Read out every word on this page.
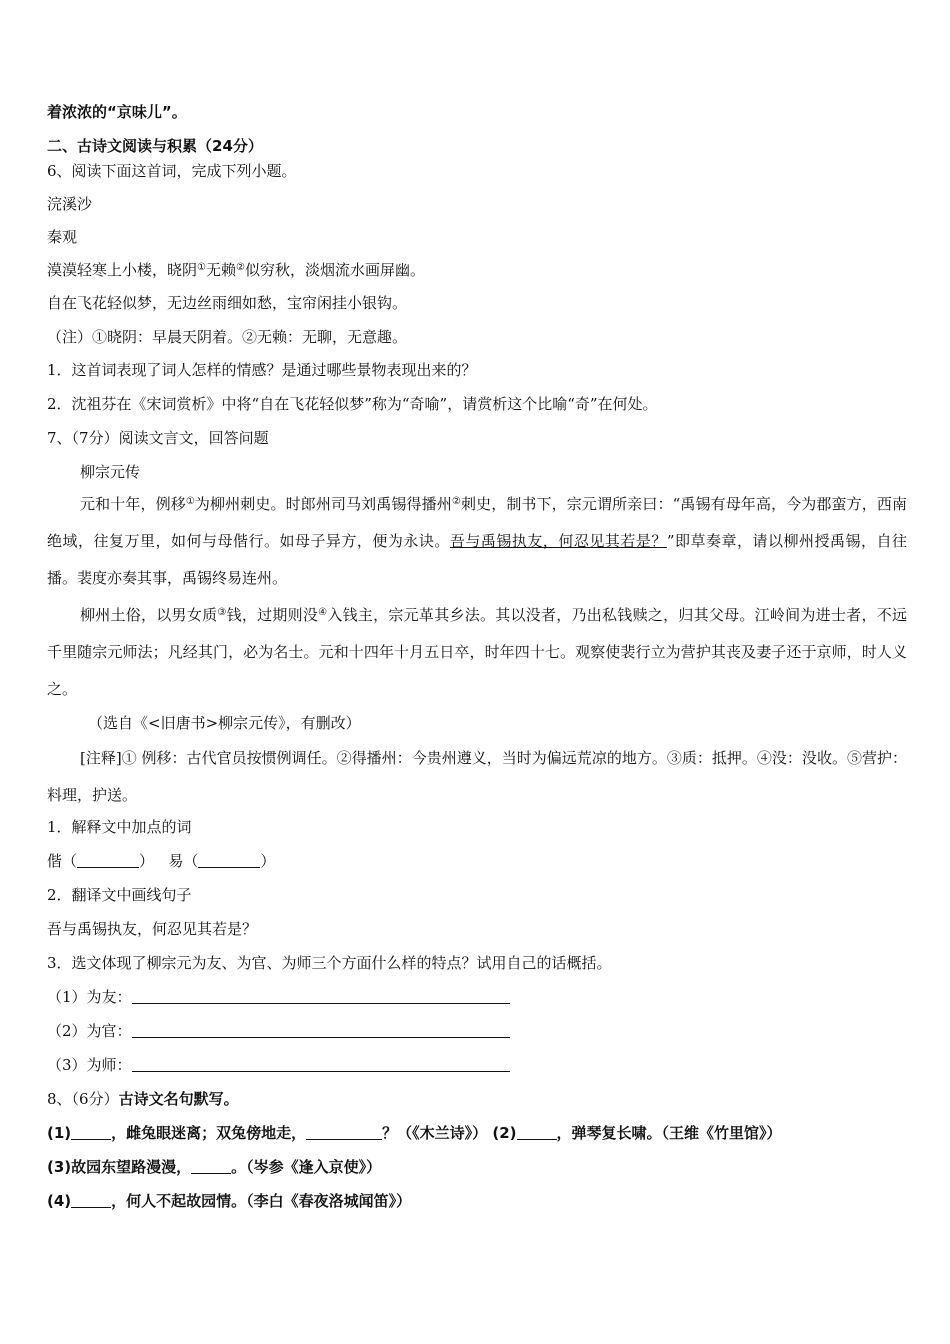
着浓浓的“京味儿”。
二、古诗文阅读与积累（24分）
6、阅读下面这首词，完成下列小题。
浣溪沙
秦观
漠漠轻寒上小楼，晓阴①无赖②似穷秋，淡烟流水画屏幽。
自在飞花轻似梦，无边丝雨细如愁，宝帘闲挂小银钩。
（注）①晓阴：早晨天阴着。②无赖：无聊，无意趣。
1．这首词表现了词人怎样的情感？是通过哪些景物表现出来的？
2．沈祖芬在《宋词赏析》中将“自在飞花轻似梦”称为“奇喻”，请赏析这个比喻“奇”在何处。
7、（7分）阅读文言文，回答问题
柳宗元传
元和十年，例移①为柳州刺史。时郎州司马刘禹锡得播州②刺史，制书下，宗元谓所亲曰：“禹锡有母年高，今为郡蛮方，西南绝域，往复万里，如何与母偕行。如母子异方，便为永诀。吾与禹锡执友，何忍见其若是？”即草奏章，请以柳州授禹锡，自往播。裴度亦奏其事，禹锡终易连州。
柳州土俗，以男女质③钱，过期则没④入钱主，宗元革其乡法。其以没者，乃出私钱赎之，归其父母。江岭间为进士者，不远千里随宗元师法；凡经其门，必为名士。元和十四年十月五日卒，时年四十七。观察使裴行立为营护其丧及妻子还于京师，时人义之。
（选自《<旧唐书>柳宗元传》，有删改）
[注释]① 例移：古代官员按惯例调任。②得播州：今贵州遵义，当时为偏远荒凉的地方。③质：抵押。④没：没收。⑤营护：料理，护送。
1．解释文中加点的词
偕（	） 易（	）
2．翻译文中画线句子
吾与禹锡执友，何忍见其若是？
3．选文体现了柳宗元为友、为官、为师三个方面什么样的特点？试用自己的话概括。
（1）为友：
（2）为官：
（3）为师：
8、（6分）古诗文名句默写。
(1)	，雌兔眼迷离；双兔傍地走，	？（《木兰诗》） (2)	，弹琴复长啸。（王维《竹里馆》）
(3)故园东望路漫漫，	。（岑参《逢入京使》）
(4)	，何人不起故园情。（李白《春夜洛城闻笛》）
